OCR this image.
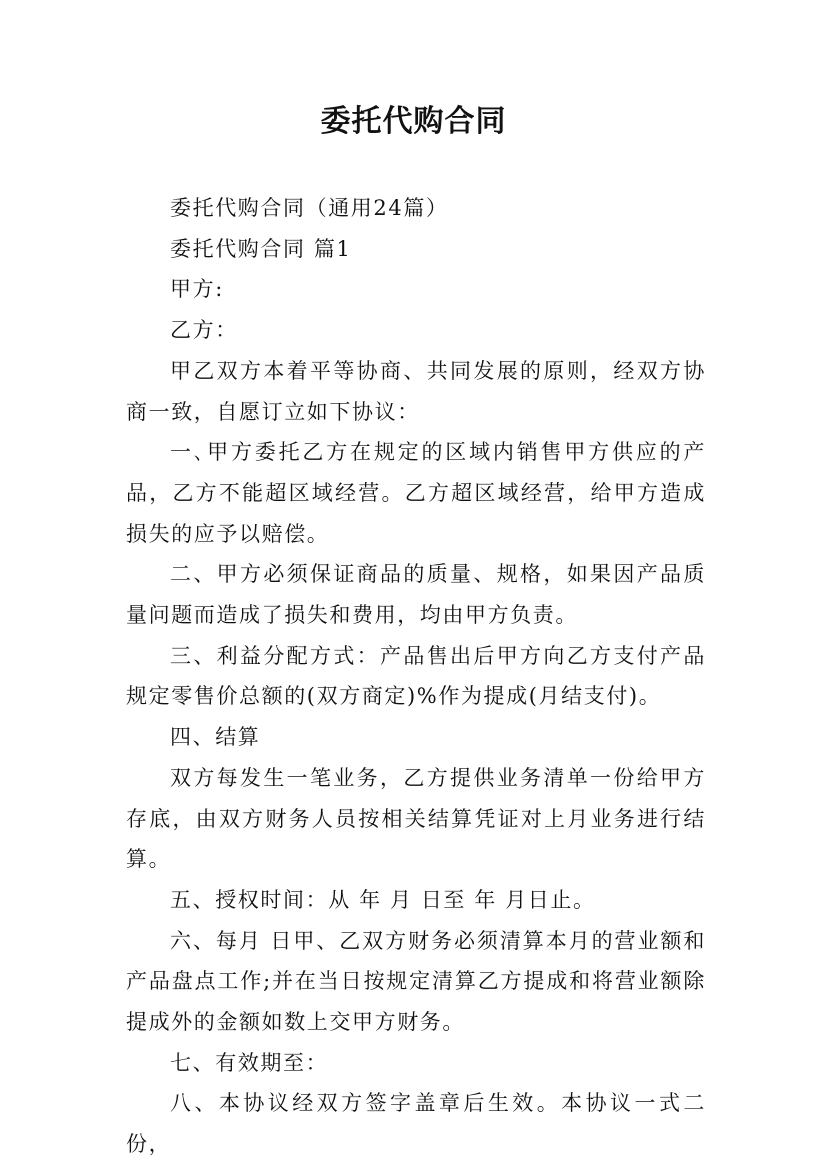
委托代购合同

委托代购合同（通用24篇）

委托代购合同 篇1

甲方:

乙方：

甲乙双方本着平等协商、共同发展的原则，经双方协商一致，自愿订立如下协议：

一､甲方委托乙方在规定的区域内销售甲方供应的产品，乙方不能超区域经营。乙方超区域经营，给甲方造成损失的应予以赔偿。

二、甲方必须保证商品的质量、规格，如果因产品质量问题而造成了损失和费用，均由甲方负责。

三、利益分配方式：产品售出后甲方向乙方支付产品规定零售价总额的(双方商定)%作为提成(月结支付)。

四、结算

双方每发生一笔业务，乙方提供业务清单一份给甲方存底，由双方财务人员按相关结算凭证对上月业务进行结算。

五、授权时间：从 年 月 日至 年 月日止。

六、每月 日甲、乙双方财务必须清算本月的营业额和产品盘点工作;并在当日按规定清算乙方提成和将营业额除提成外的金额如数上交甲方财务。

七、有效期至：

八、本协议经双方签字盖章后生效。本协议一式二份，
